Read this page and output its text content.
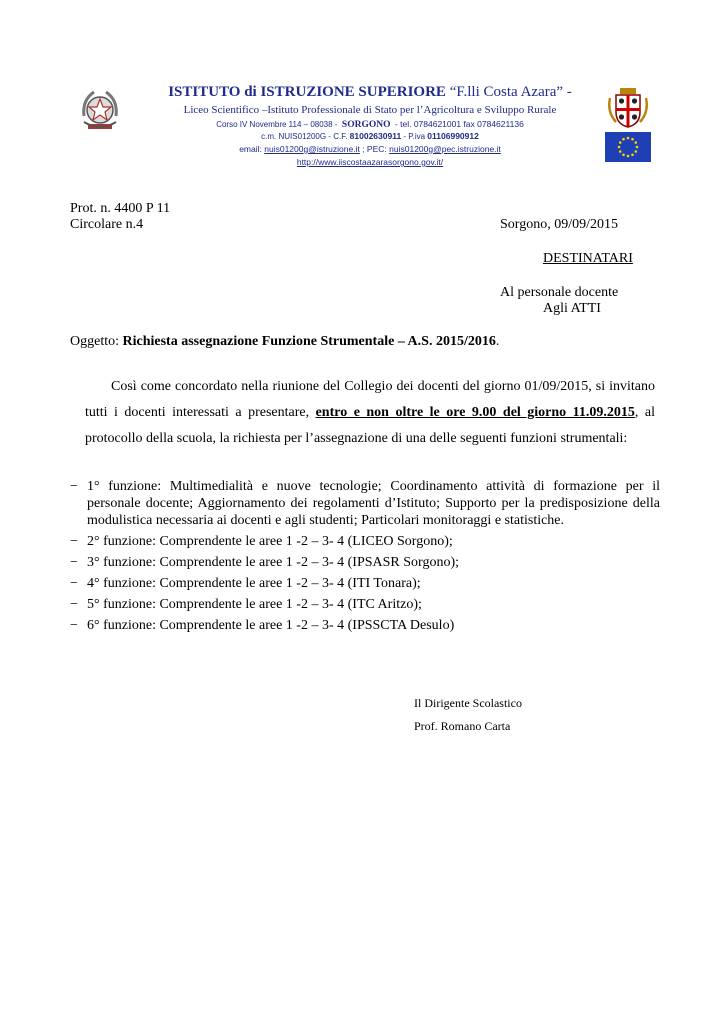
ISTITUTO di ISTRUZIONE SUPERIORE “F.lli Costa Azara” -
Liceo Scientifico –Istituto Professionale di Stato per l’Agricoltura e Sviluppo Rurale
Corso IV Novembre 114 – 08038 - SORGONO - tel. 0784621001 fax 0784621136
c.m. NUIS01200G - C.F. 81002630911 - P.iva 01106990912
email: nuis01200g@istruzione.it ; PEC: nuis01200g@pec.istruzione.it
http://www.iiscostaazarasorgono.gov.it/
Prot. n. 4400 P 11
Circolare n.4	Sorgono, 09/09/2015
DESTINATARI
Al personale docente
Agli ATTI
Oggetto: Richiesta assegnazione Funzione Strumentale – A.S. 2015/2016.
Così come concordato nella riunione del Collegio dei docenti del giorno 01/09/2015, si invitano tutti i docenti interessati a presentare, entro e non oltre le ore 9.00 del giorno 11.09.2015, al protocollo della scuola, la richiesta per l’assegnazione di una delle seguenti funzioni strumentali:
− 1° funzione: Multimedialità e nuove tecnologie; Coordinamento attività di formazione per il personale docente; Aggiornamento dei regolamenti d’Istituto; Supporto per la predisposizione della modulistica necessaria ai docenti e agli studenti; Particolari monitoraggi e statistiche.
− 2° funzione: Comprendente le aree 1 -2 – 3- 4 (LICEO Sorgono);
− 3° funzione: Comprendente le aree 1 -2 – 3- 4 (IPSASR Sorgono);
− 4° funzione: Comprendente le aree 1 -2 – 3- 4 (ITI Tonara);
− 5° funzione: Comprendente le aree 1 -2 – 3- 4 (ITC Aritzo);
− 6° funzione: Comprendente le aree 1 -2 – 3- 4 (IPSSCTA Desulo)
Il Dirigente Scolastico
Prof. Romano Carta
